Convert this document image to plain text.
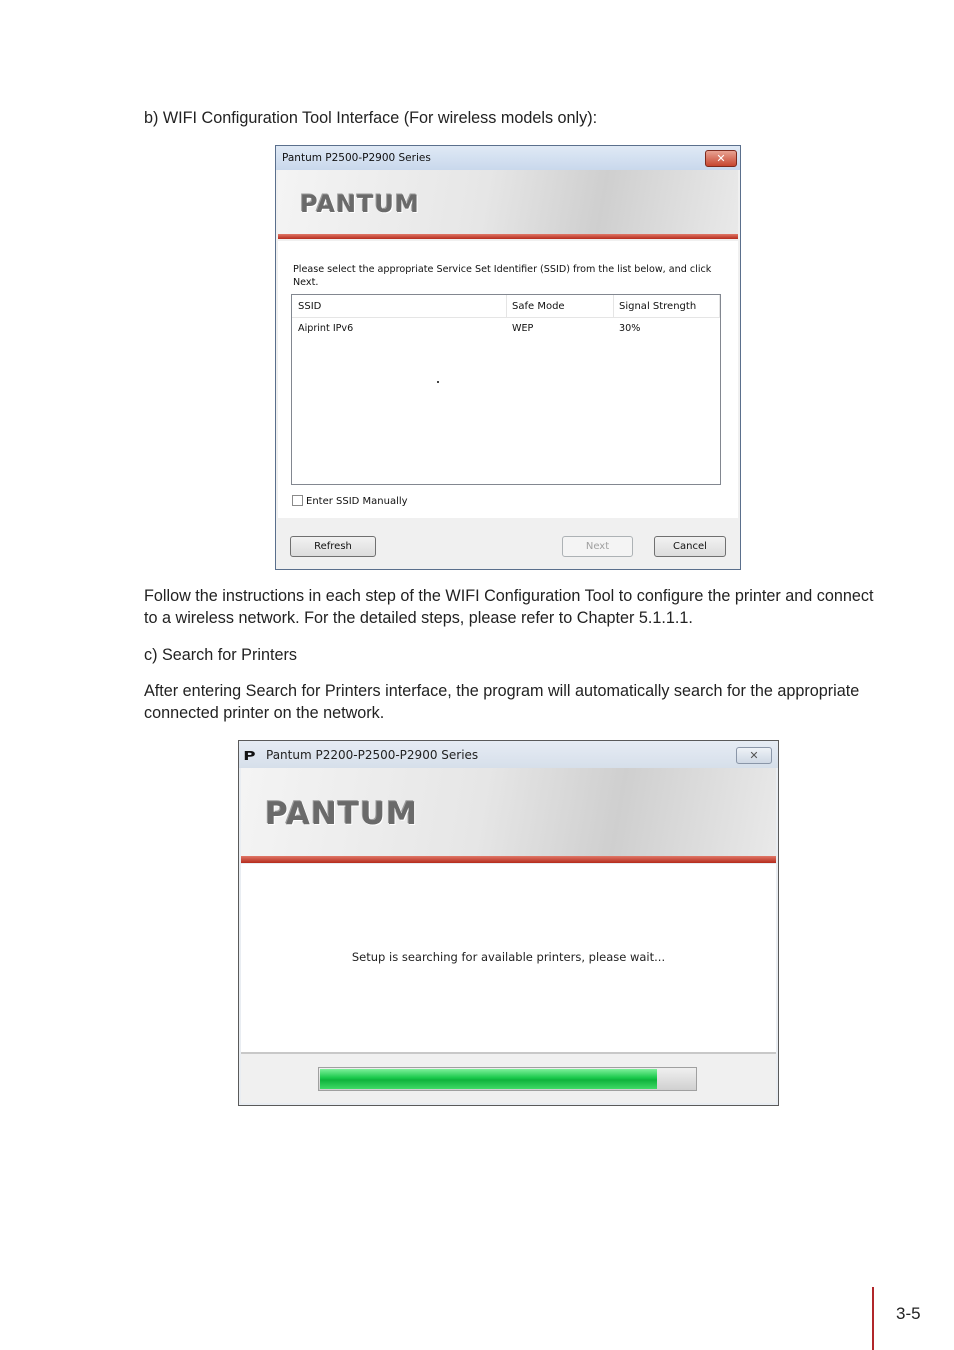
b) WIFI Configuration Tool Interface (For wireless models only):

Pantum P2500-P2900 Series	✕
PANTUM

Please select the appropriate Service Set Identifier (SSID) from the list below, and click Next.

SSID	Safe Mode	Signal Strength
Aiprint IPv6	WEP	30%
Enter SSID Manually
Refresh	Next	Cancel

Follow the instructions in each step of the WIFI Configuration Tool to configure the printer and connect to a wireless network. For the detailed steps, please refer to Chapter 5.1.1.1.

c) Search for Printers

After entering Search for Printers interface, the program will automatically search for the appropriate connected printer on the network.

P Pantum P2200-P2500-P2900 Series	✕
PANTUM
Setup is searching for available printers, please wait...
3-5
